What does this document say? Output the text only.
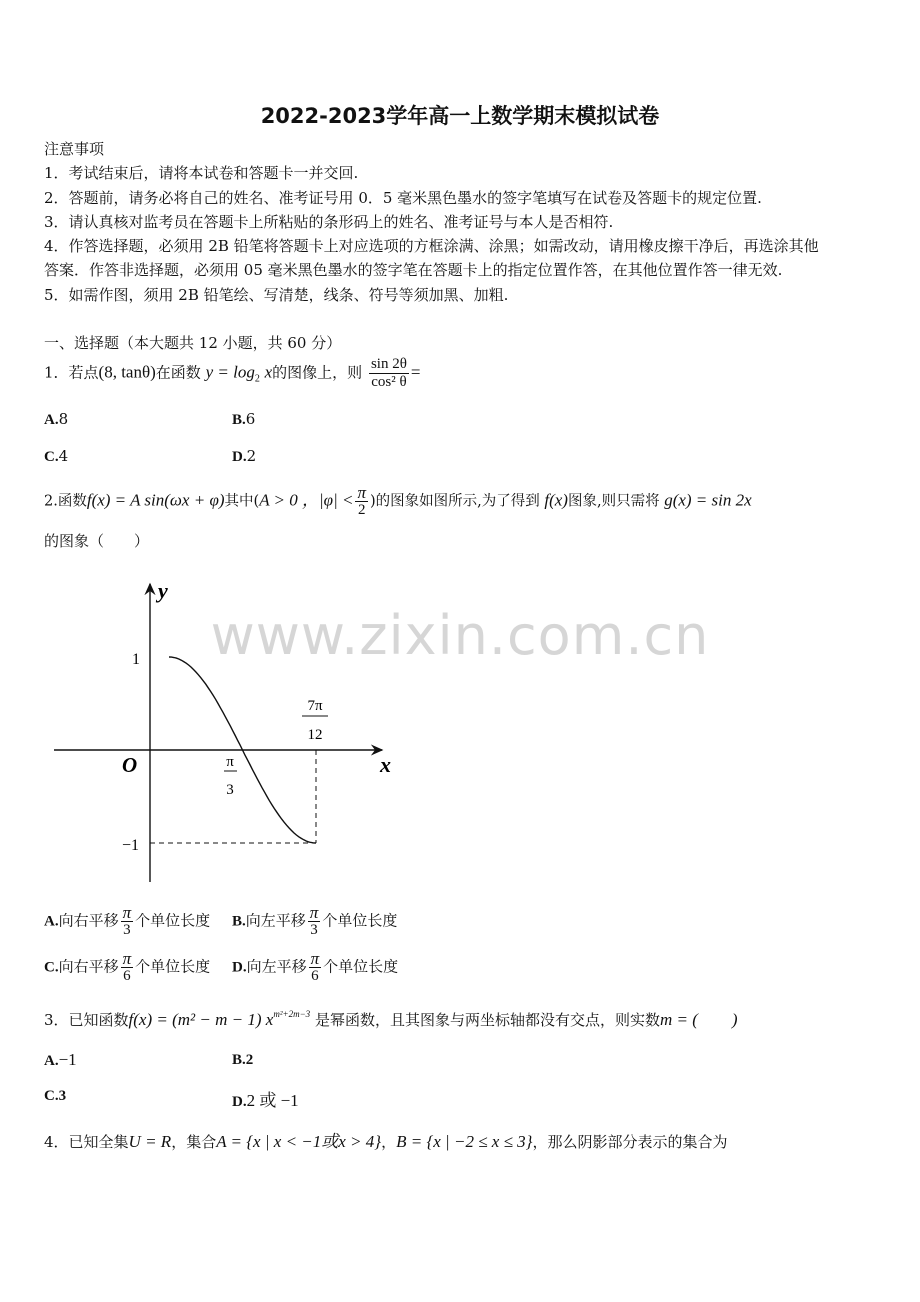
www.zixin.com.cn
2022-2023学年高一上数学期末模拟试卷
注意事项
1．考试结束后，请将本试卷和答题卡一并交回.
2．答题前，请务必将自己的姓名、准考证号用 0．5 毫米黑色墨水的签字笔填写在试卷及答题卡的规定位置.
3．请认真核对监考员在答题卡上所粘贴的条形码上的姓名、准考证号与本人是否相符.
4．作答选择题，必须用 2B 铅笔将答题卡上对应选项的方框涂满、涂黑；如需改动，请用橡皮擦干净后，再选涂其他
答案．作答非选择题，必须用 05 毫米黑色墨水的签字笔在答题卡上的指定位置作答，在其他位置作答一律无效.
5．如需作图，须用 2B 铅笔绘、写清楚，线条、符号等须加黑、加粗.
一、选择题（本大题共 12 小题，共 60 分）
1．若点(8, tanθ)在函数 $y = \log_2 x$的图像上，则 $\frac{\sin 2\theta}{\text{cos² θ}}$ =
A.8	B.6
C.4	D.2
2.函数f(x) = A sin(ωx + φ)其中(A > 0 ，$|\varphi| < \frac{\pi}{2}$ )的图象如图所示,为了得到 f(x)图象,则只需将 g(x) = sin 2x
的图象（　　）
y
x
O
1
−1
π
3
7π
12
A.向右平移 $\frac{\pi}{3}$ 个单位长度 B.向左平移 $\frac{\pi}{3}$ 个单位长度
C.向右平移 $\frac{\pi}{6}$ 个单位长度 D.向左平移 $\frac{\pi}{6}$ 个单位长度
3．已知函数f(x) = (m² − m − 1) $x^{m^2+2m-3}$ 是幂函数，且其图象与两坐标轴都没有交点，则实数m = (　　)
A.−1	B.2
C.3	D.2 或 −1
4．已知全集U = R，集合A = {x | x < −1或x > 4}，B = {x | −2 ≤ x ≤ 3}，那么阴影部分表示的集合为
